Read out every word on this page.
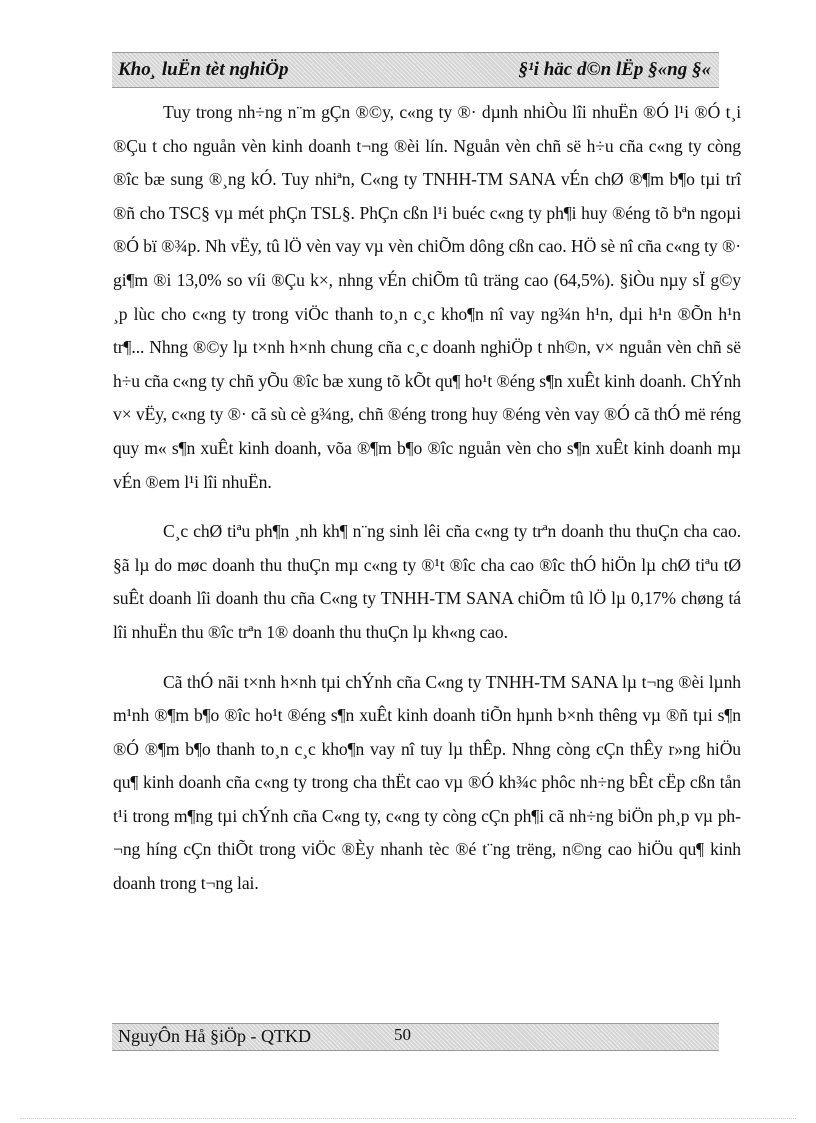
Kho¸ luËn tèt nghiÖp	§¹i häc d©n lËp §«ng §«

Tuy trong nh÷ng n¨m gÇn ®©y, c«ng ty ®· dµnh nhiÒu lîi nhuËn ®Ó l¹i ®Ó t¸i ®Çu t cho nguån vèn kinh doanh t¬ng ®èi lín. Nguån vèn chñ së h÷u cña c«ng ty còng ®îc bæ sung ®¸ng kÓ. Tuy nhiªn, C«ng ty TNHH-TM SANA vÉn chØ ®¶m b¶o tµi trî ®ñ cho TSC§ vµ mét phÇn TSL§. PhÇn cßn l¹i buéc c«ng ty ph¶i huy ®éng tõ bªn ngoµi ®Ó bï ®¾p. Nh vËy, tû lÖ vèn vay vµ vèn chiÕm dông cßn cao. HÖ sè nî cña c«ng ty ®· gi¶m ®i 13,0% so víi ®Çu k×, nhng vÉn chiÕm tû träng cao (64,5%). §iÒu nµy sÏ g©y ¸p lùc cho c«ng ty trong viÖc thanh to¸n c¸c kho¶n nî vay ng¾n h¹n, dµi h¹n ®Õn h¹n tr¶... Nhng ®©y lµ t×nh h×nh chung cña c¸c doanh nghiÖp t nh©n, v× nguån vèn chñ së h÷u cña c«ng ty chñ yÕu ®îc bæ xung tõ kÕt qu¶ ho¹t ®éng s¶n xuÊt kinh doanh. ChÝnh v× vËy, c«ng ty ®· cã sù cè g¾ng, chñ ®éng trong huy ®éng vèn vay ®Ó cã thÓ më réng quy m« s¶n xuÊt kinh doanh, võa ®¶m b¶o ®îc nguån vèn cho s¶n xuÊt kinh doanh mµ vÉn ®em l¹i lîi nhuËn.

C¸c chØ tiªu ph¶n ¸nh kh¶ n¨ng sinh lêi cña c«ng ty trªn doanh thu thuÇn cha cao. §ã lµ do møc doanh thu thuÇn mµ c«ng ty ®¹t ®îc cha cao ®îc thÓ hiÖn lµ chØ tiªu tØ suÊt doanh lîi doanh thu cña C«ng ty TNHH-TM SANA chiÕm tû lÖ lµ 0,17% chøng tá lîi nhuËn thu ®îc trªn 1® doanh thu thuÇn lµ kh«ng cao.

Cã thÓ nãi t×nh h×nh tµi chÝnh cña C«ng ty TNHH-TM SANA lµ t¬ng ®èi lµnh m¹nh ®¶m b¶o ®îc ho¹t ®éng s¶n xuÊt kinh doanh tiÕn hµnh b×nh thêng vµ ®ñ tµi s¶n ®Ó ®¶m b¶o thanh to¸n c¸c kho¶n vay nî tuy lµ thÊp. Nhng còng cÇn thÊy r»ng hiÖu qu¶ kinh doanh cña c«ng ty trong cha thËt cao vµ ®Ó kh¾c phôc nh÷ng bÊt cËp cßn tån t¹i trong m¶ng tµi chÝnh cña C«ng ty, c«ng ty còng cÇn ph¶i cã nh÷ng biÖn ph¸p vµ ph¬ng híng cÇn thiÕt trong viÖc ®Èy nhanh tèc ®é t¨ng trëng, n©ng cao hiÖu qu¶ kinh doanh trong t¬ng lai.

NguyÔn Hå §iÖp - QTKD	50
